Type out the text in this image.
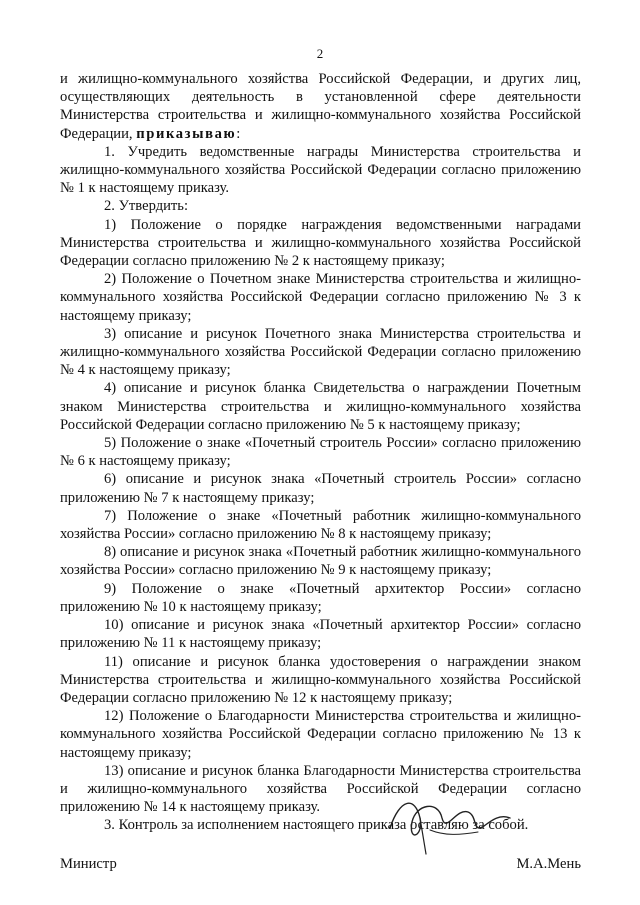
2

и жилищно-коммунального хозяйства Российской Федерации, и других лиц, осуществляющих деятельность в установленной сфере деятельности Министерства строительства и жилищно-коммунального хозяйства Российской Федерации, приказываю:

1. Учредить ведомственные награды Министерства строительства и жилищно-коммунального хозяйства Российской Федерации согласно приложению № 1 к настоящему приказу.

2. Утвердить:

1) Положение о порядке награждения ведомственными наградами Министерства строительства и жилищно-коммунального хозяйства Российской Федерации согласно приложению № 2 к настоящему приказу;

2) Положение о Почетном знаке Министерства строительства и жилищно-коммунального хозяйства Российской Федерации согласно приложению № 3 к настоящему приказу;

3) описание и рисунок Почетного знака Министерства строительства и жилищно-коммунального хозяйства Российской Федерации согласно приложению № 4 к настоящему приказу;

4) описание и рисунок бланка Свидетельства о награждении Почетным знаком Министерства строительства и жилищно-коммунального хозяйства Российской Федерации согласно приложению № 5 к настоящему приказу;

5) Положение о знаке «Почетный строитель России» согласно приложению № 6 к настоящему приказу;

6) описание и рисунок знака «Почетный строитель России» согласно приложению № 7 к настоящему приказу;

7) Положение о знаке «Почетный работник жилищно-коммунального хозяйства России» согласно приложению № 8 к настоящему приказу;

8) описание и рисунок знака «Почетный работник жилищно-коммунального хозяйства России» согласно приложению № 9 к настоящему приказу;

9) Положение о знаке «Почетный архитектор России» согласно приложению № 10 к настоящему приказу;

10) описание и рисунок знака «Почетный архитектор России» согласно приложению № 11 к настоящему приказу;

11) описание и рисунок бланка удостоверения о награждении знаком Министерства строительства и жилищно-коммунального хозяйства Российской Федерации согласно приложению № 12 к настоящему приказу;

12) Положение о Благодарности Министерства строительства и жилищно-коммунального хозяйства Российской Федерации согласно приложению № 13 к настоящему приказу;

13) описание и рисунок бланка Благодарности Министерства строительства и жилищно-коммунального хозяйства Российской Федерации согласно приложению № 14 к настоящему приказу.

3. Контроль за исполнением настоящего приказа оставляю за собой.

Министр	М.А.Мень
